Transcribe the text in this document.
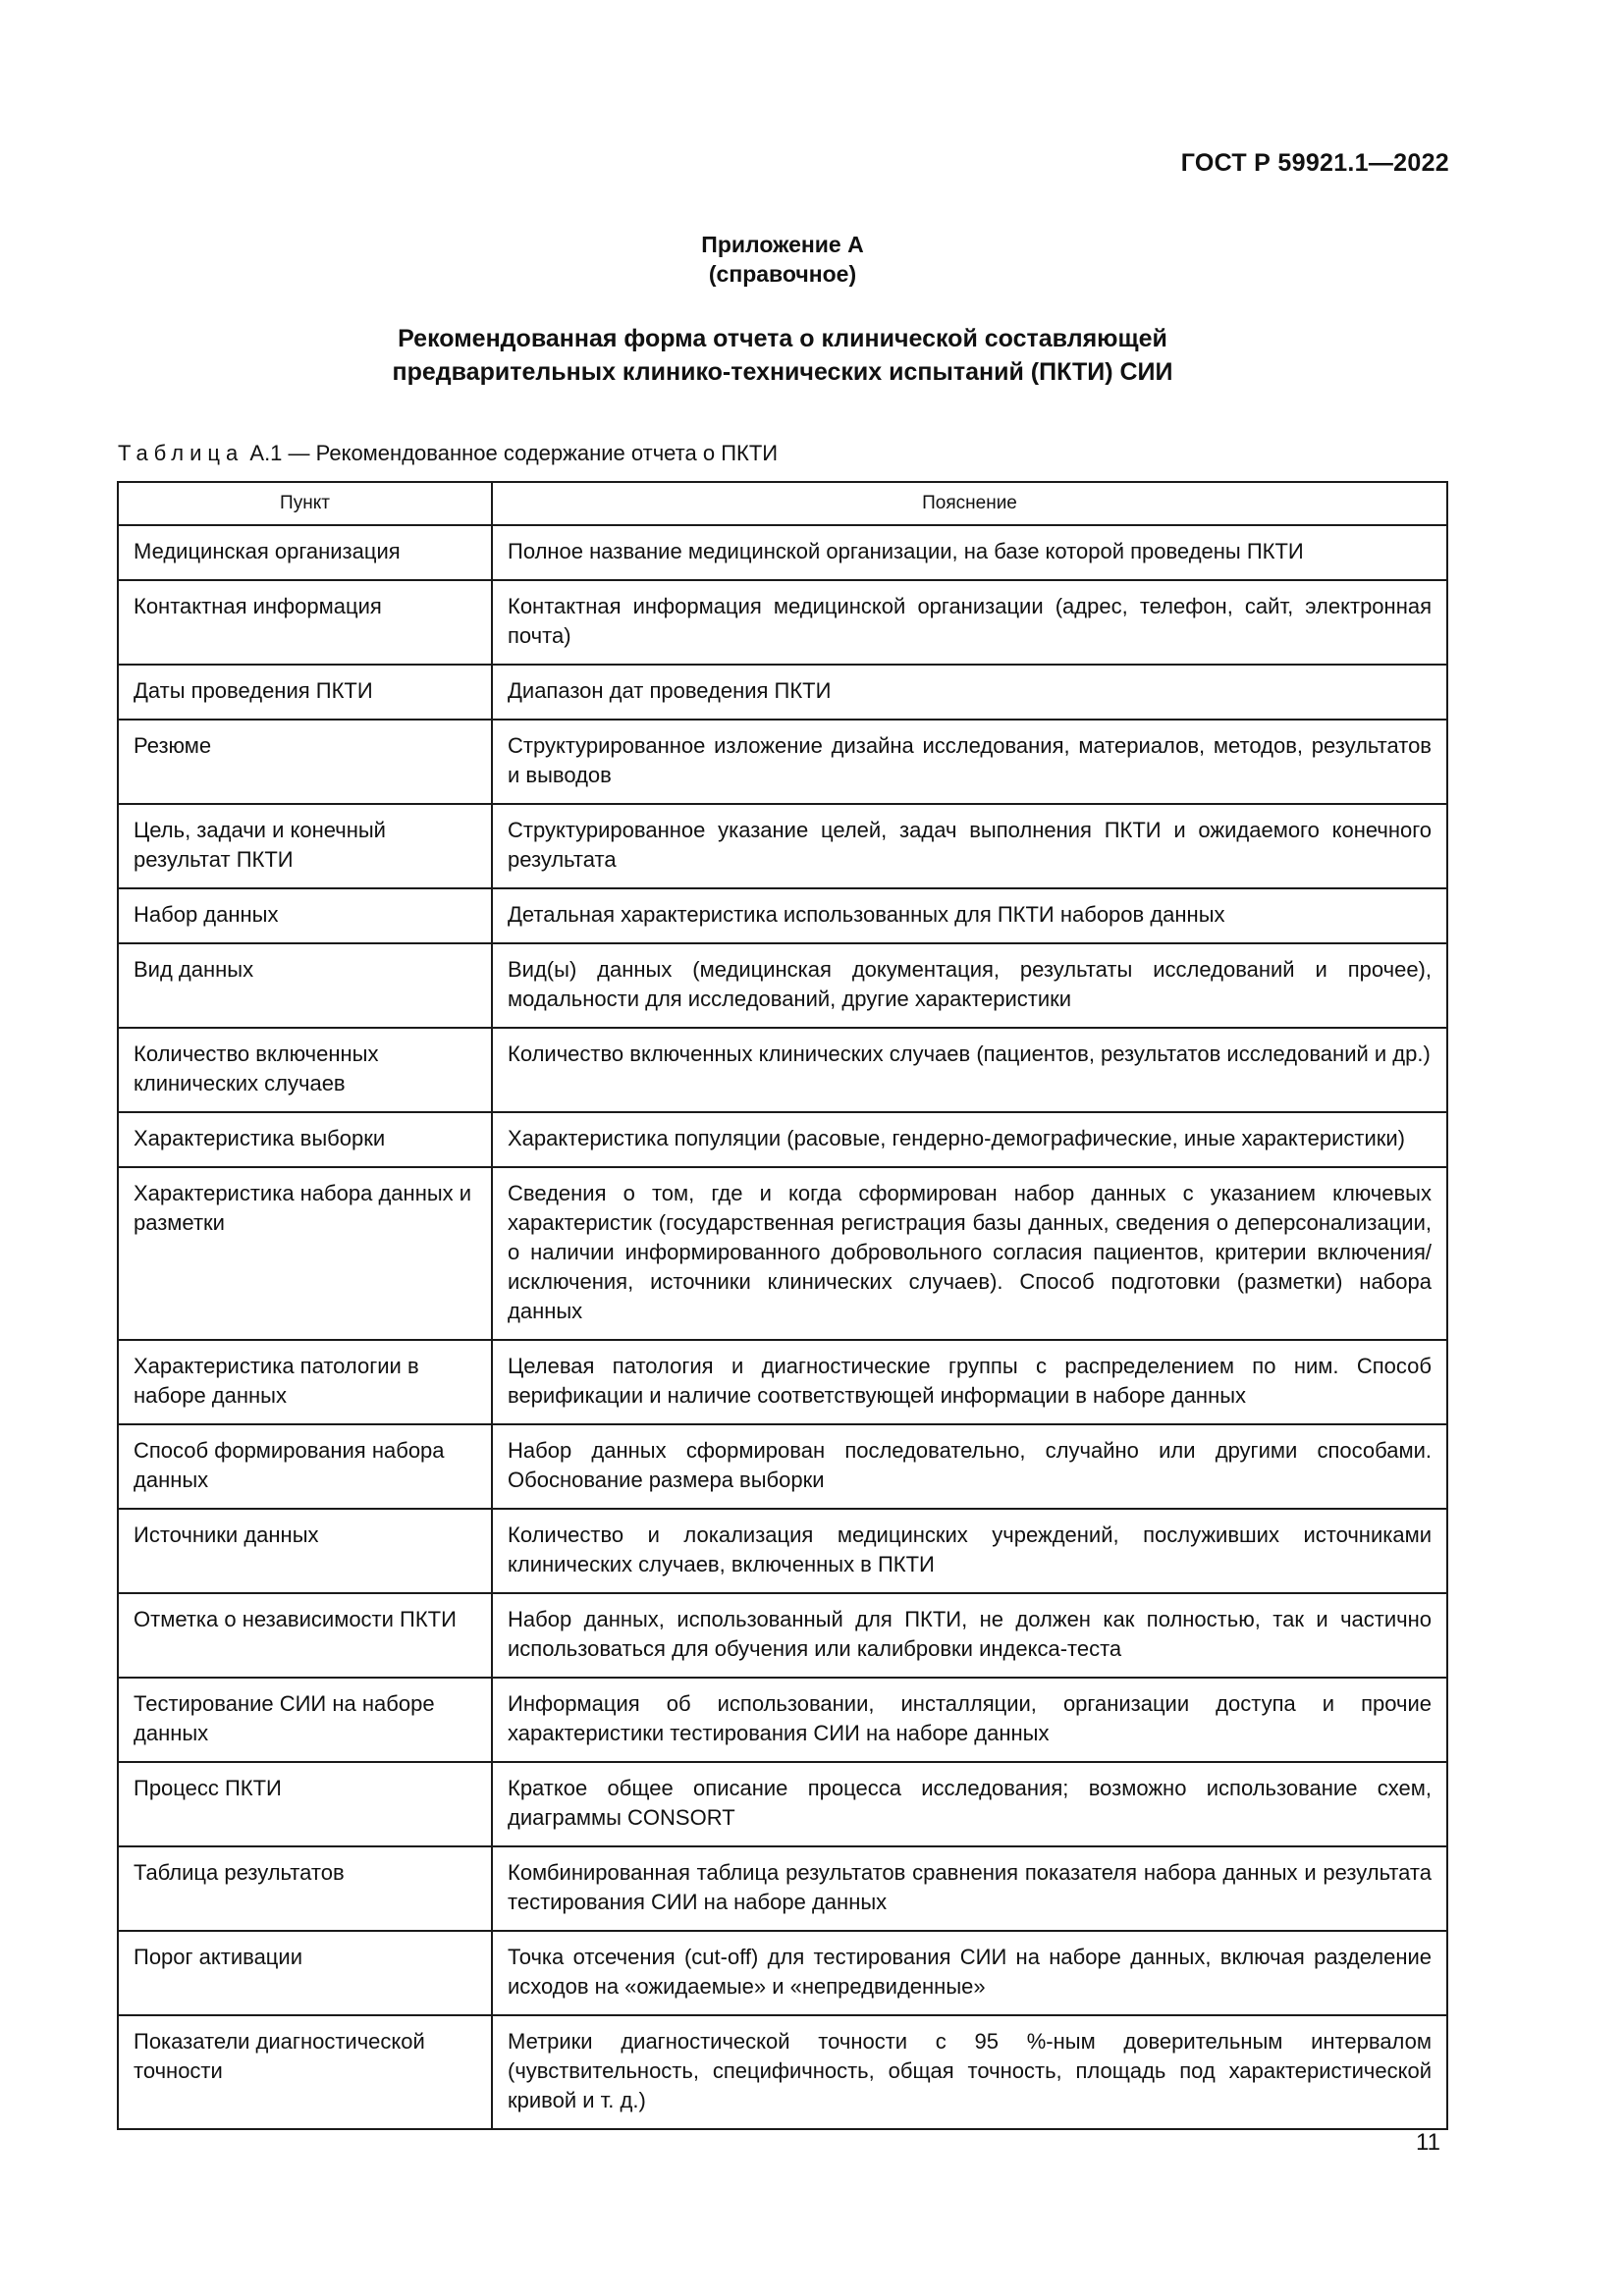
ГОСТ Р 59921.1—2022
Приложение А
(справочное)
Рекомендованная форма отчета о клинической составляющей
предварительных клинико-технических испытаний (ПКТИ) СИИ
Таблица А.1 — Рекомендованное содержание отчета о ПКТИ
Пункт	Пояснение
Медицинская организация	Полное название медицинской организации, на базе которой проведены ПКТИ
Контактная информация	Контактная информация медицинской организации (адрес, телефон, сайт, электронная почта)
Даты проведения ПКТИ	Диапазон дат проведения ПКТИ
Резюме	Структурированное изложение дизайна исследования, материалов, методов, результатов и выводов
Цель, задачи и конечный результат ПКТИ	Структурированное указание целей, задач выполнения ПКТИ и ожидаемого конечного результата
Набор данных	Детальная характеристика использованных для ПКТИ наборов данных
Вид данных	Вид(ы) данных (медицинская документация, результаты исследований и прочее), модальности для исследований, другие характеристики
Количество включенных клинических случаев	Количество включенных клинических случаев (пациентов, результатов исследований и др.)
Характеристика выборки	Характеристика популяции (расовые, гендерно-демографические, иные характеристики)
Характеристика набора данных и разметки	Сведения о том, где и когда сформирован набор данных с указанием ключевых характеристик (государственная регистрация базы данных, сведения о деперсонализации, о наличии информированного добровольного согласия пациентов, критерии включения/исключения, источники клинических случаев). Способ подготовки (разметки) набора данных
Характеристика патологии в наборе данных	Целевая патология и диагностические группы с распределением по ним. Способ верификации и наличие соответствующей информации в наборе данных
Способ формирования набора данных	Набор данных сформирован последовательно, случайно или другими способами. Обоснование размера выборки
Источники данных	Количество и локализация медицинских учреждений, послуживших источниками клинических случаев, включенных в ПКТИ
Отметка о независимости ПКТИ	Набор данных, использованный для ПКТИ, не должен как полностью, так и частично использоваться для обучения или калибровки индекса-теста
Тестирование СИИ на наборе данных	Информация об использовании, инсталляции, организации доступа и прочие характеристики тестирования СИИ на наборе данных
Процесс ПКТИ	Краткое общее описание процесса исследования; возможно использование схем, диаграммы CONSORT
Таблица результатов	Комбинированная таблица результатов сравнения показателя набора данных и результата тестирования СИИ на наборе данных
Порог активации	Точка отсечения (cut-off) для тестирования СИИ на наборе данных, включая разделение исходов на «ожидаемые» и «непредвиденные»
Показатели диагностической точности	Метрики диагностической точности с 95 %-ным доверительным интервалом (чувствительность, специфичность, общая точность, площадь под характеристической кривой и т. д.)
11
